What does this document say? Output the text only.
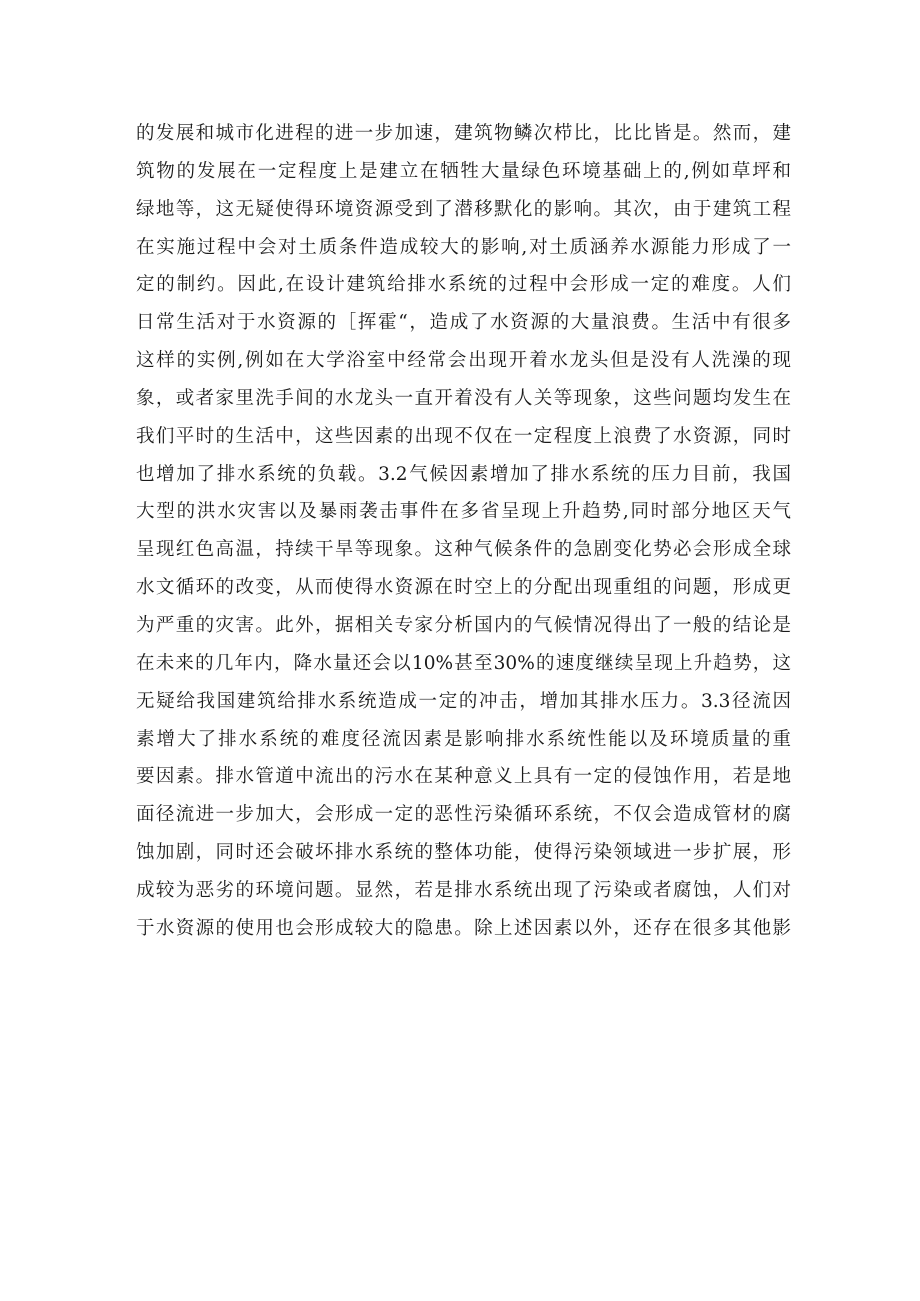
的发展和城市化进程的进一步加速，建筑物鳞次栉比，比比皆是。然而，建
筑物的发展在一定程度上是建立在牺牲大量绿色环境基础上的,例如草坪和
绿地等，这无疑使得环境资源受到了潜移默化的影响。其次，由于建筑工程
在实施过程中会对土质条件造成较大的影响,对土质涵养水源能力形成了一
定的制约。因此,在设计建筑给排水系统的过程中会形成一定的难度。人们
日常生活对于水资源的［挥霍“，造成了水资源的大量浪费。生活中有很多
这样的实例,例如在大学浴室中经常会出现开着水龙头但是没有人洗澡的现
象，或者家里洗手间的水龙头一直开着没有人关等现象，这些问题均发生在
我们平时的生活中，这些因素的出现不仅在一定程度上浪费了水资源，同时
也增加了排水系统的负载。3.2气候因素增加了排水系统的压力目前，我国
大型的洪水灾害以及暴雨袭击事件在多省呈现上升趋势,同时部分地区天气
呈现红色高温，持续干旱等现象。这种气候条件的急剧变化势必会形成全球
水文循环的改变，从而使得水资源在时空上的分配出现重组的问题，形成更
为严重的灾害。此外，据相关专家分析国内的气候情况得出了一般的结论是
在未来的几年内，降水量还会以10%甚至30%的速度继续呈现上升趋势，这
无疑给我国建筑给排水系统造成一定的冲击，增加其排水压力。3.3径流因
素增大了排水系统的难度径流因素是影响排水系统性能以及环境质量的重
要因素。排水管道中流出的污水在某种意义上具有一定的侵蚀作用，若是地
面径流进一步加大，会形成一定的恶性污染循环系统，不仅会造成管材的腐
蚀加剧，同时还会破坏排水系统的整体功能，使得污染领域进一步扩展，形
成较为恶劣的环境问题。显然，若是排水系统出现了污染或者腐蚀，人们对
于水资源的使用也会形成较大的隐患。除上述因素以外，还存在很多其他影
